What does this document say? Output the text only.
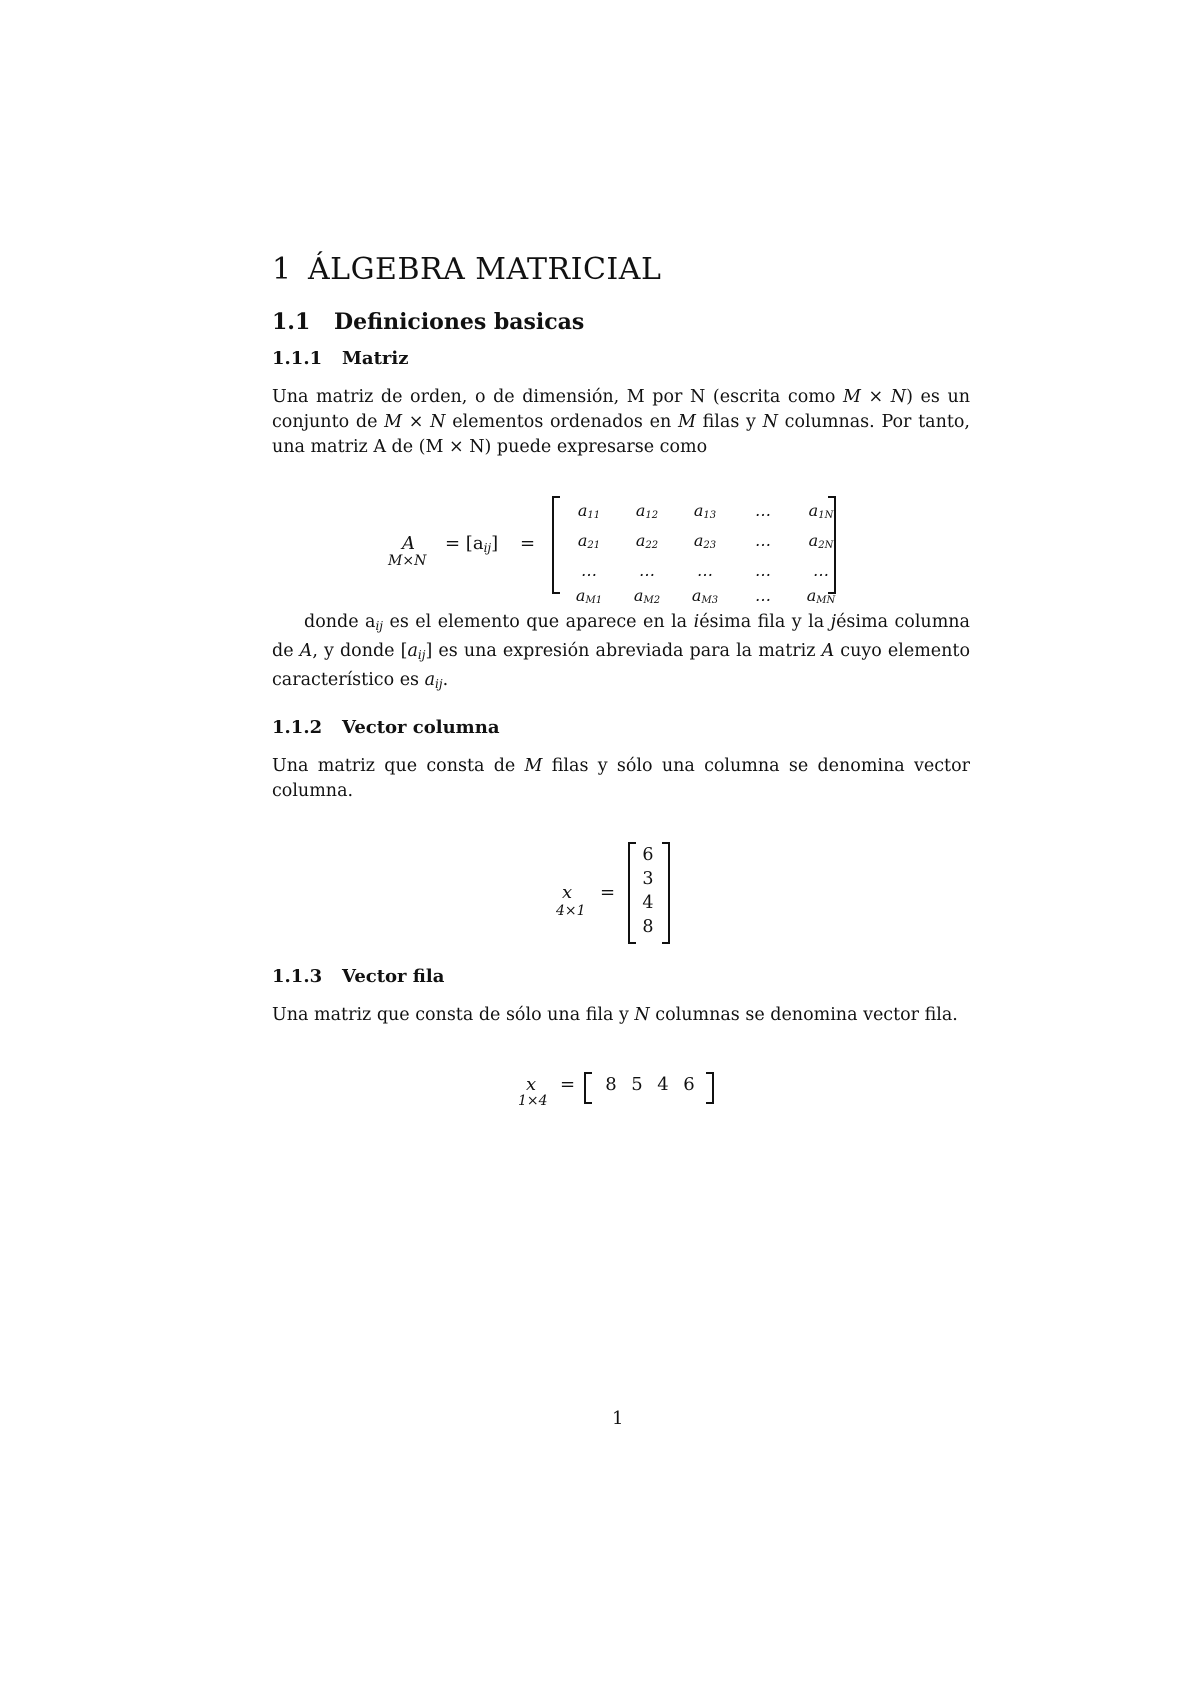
1 ÁLGEBRA MATRICIAL
1.1 Definiciones basicas
1.1.1 Matriz
Una matriz de orden, o de dimensión, M por N (escrita como M × N) es un conjunto de M × N elementos ordenados en M filas y N columnas. Por tanto, una matriz A de (M × N) puede expresarse como
A
M×N
= $[a_{ij}]$ =
a11	a12	a13	…	a1N
a21	a22	a23	…	a2N
…	…	…	…	…
aM1	aM2	aM3	…	aMN
donde $a_{ij}$ es el elemento que aparece en la iésima fila y la jésima columna de A, y donde $[a_{ij}]$ es una expresión abreviada para la matriz A cuyo elemento característico es $a_{ij}$.
1.1.2 Vector columna
Una matriz que consta de M filas y sólo una columna se denomina vector columna.
x
4×1
=
6
3
4
8
1.1.3 Vector fila
Una matriz que consta de sólo una fila y N columnas se denomina vector fila.
x
1×4
=	8 5 4 6
1
